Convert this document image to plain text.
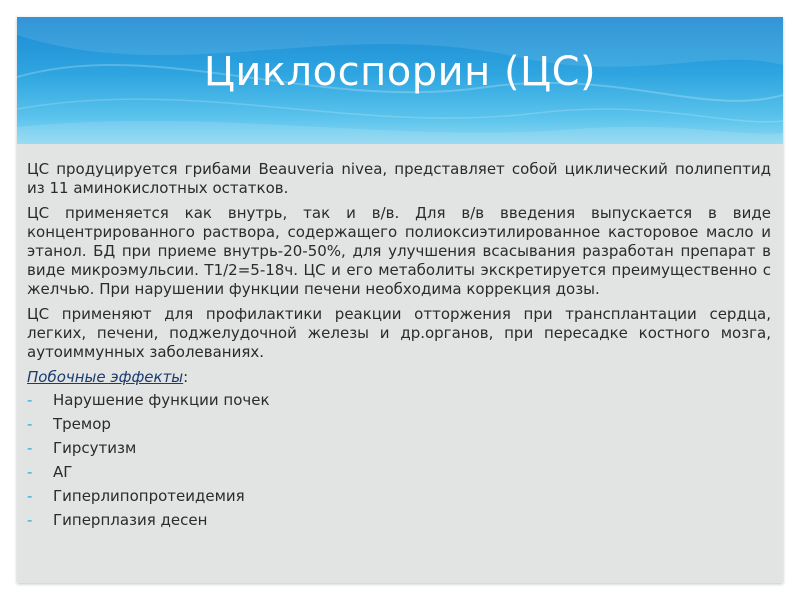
Циклоспорин (ЦС)

ЦС продуцируется грибами Beauveria nivea, представляет собой циклический полипептид из 11 аминокислотных остатков.

ЦС применяется как внутрь, так и в/в. Для в/в введения выпускается в виде концентрированного раствора, содержащего полиоксиэтилированное касторовое масло и этанол. БД при приеме внутрь-20-50%, для улучшения всасывания разработан препарат в виде микроэмульсии. Т1/2=5-18ч. ЦС и его метаболиты экскретируется преимущественно с желчью. При нарушении функции печени необходима коррекция дозы.

ЦС применяют для профилактики реакции отторжения при трансплантации сердца, легких, печени, поджелудочной железы и др.органов, при пересадке костного мозга, аутоиммунных заболеваниях.

Побочные эффекты:
- Нарушение функции почек
- Тремор
- Гирсутизм
- АГ
- Гиперлипопротеидемия
- Гиперплазия десен
